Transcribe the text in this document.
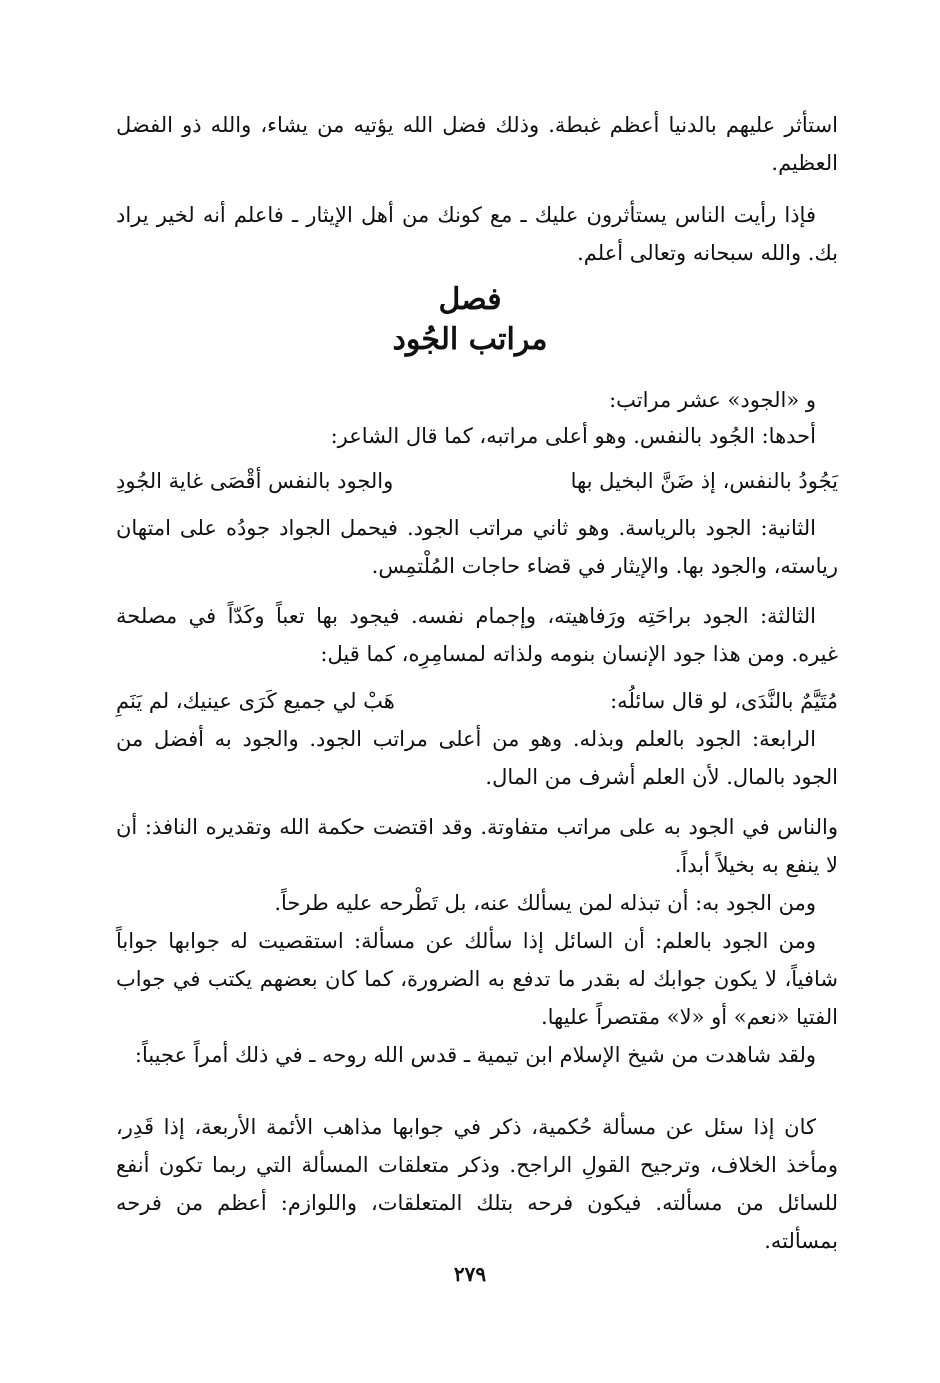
استأثر عليهم بالدنيا أعظم غبطة. وذلك فضل الله يؤتيه من يشاء، والله ذو الفضل العظيم.

فإذا رأيت الناس يستأثرون عليك ـ مع كونك من أهل الإيثار ـ فاعلم أنه لخير يراد بك. والله سبحانه وتعالى أعلم.

فصل
مراتب الجُود

و «الجود» عشر مراتب:

أحدها: الجُود بالنفس. وهو أعلى مراتبه، كما قال الشاعر:

يَجُودُ بالنفس، إذ ضَنَّ البخيل بها
والجود بالنفس أقْصَى غاية الجُودِ

الثانية: الجود بالرياسة. وهو ثاني مراتب الجود. فيحمل الجواد جودُه على امتهان رياسته، والجود بها. والإيثار في قضاء حاجات المُلْتمِس.

الثالثة: الجود براحَتِه ورَفاهيته، وإجمام نفسه. فيجود بها تعباً وكَدّاً في مصلحة غيره. ومن هذا جود الإنسان بنومه ولذاته لمسامِرِه، كما قيل:

مُتَيَّمٌ بالنَّدَى، لو قال سائلُه:
هَبْ لي جميع كَرَى عينيك، لم يَنَمِ

الرابعة: الجود بالعلم وبذله. وهو من أعلى مراتب الجود. والجود به أفضل من الجود بالمال. لأن العلم أشرف من المال.

والناس في الجود به على مراتب متفاوتة. وقد اقتضت حكمة الله وتقديره النافذ: أن لا ينفع به بخيلاً أبداً.

ومن الجود به: أن تبذله لمن يسألك عنه، بل تَطْرحه عليه طرحاً.

ومن الجود بالعلم: أن السائل إذا سألك عن مسألة: استقصيت له جوابها جواباً شافياً، لا يكون جوابك له بقدر ما تدفع به الضرورة، كما كان بعضهم يكتب في جواب الفتيا «نعم» أو «لا» مقتصراً عليها.

ولقد شاهدت من شيخ الإسلام ابن تيمية ـ قدس الله روحه ـ في ذلك أمراً عجيباً:

كان إذا سئل عن مسألة حُكمية، ذكر في جوابها مذاهب الأئمة الأربعة، إذا قَدِر، ومأخذ الخلاف، وترجيح القولِ الراجح. وذكر متعلقات المسألة التي ربما تكون أنفع للسائل من مسألته. فيكون فرحه بتلك المتعلقات، واللوازم: أعظم من فرحه بمسألته.

٢٧٩
